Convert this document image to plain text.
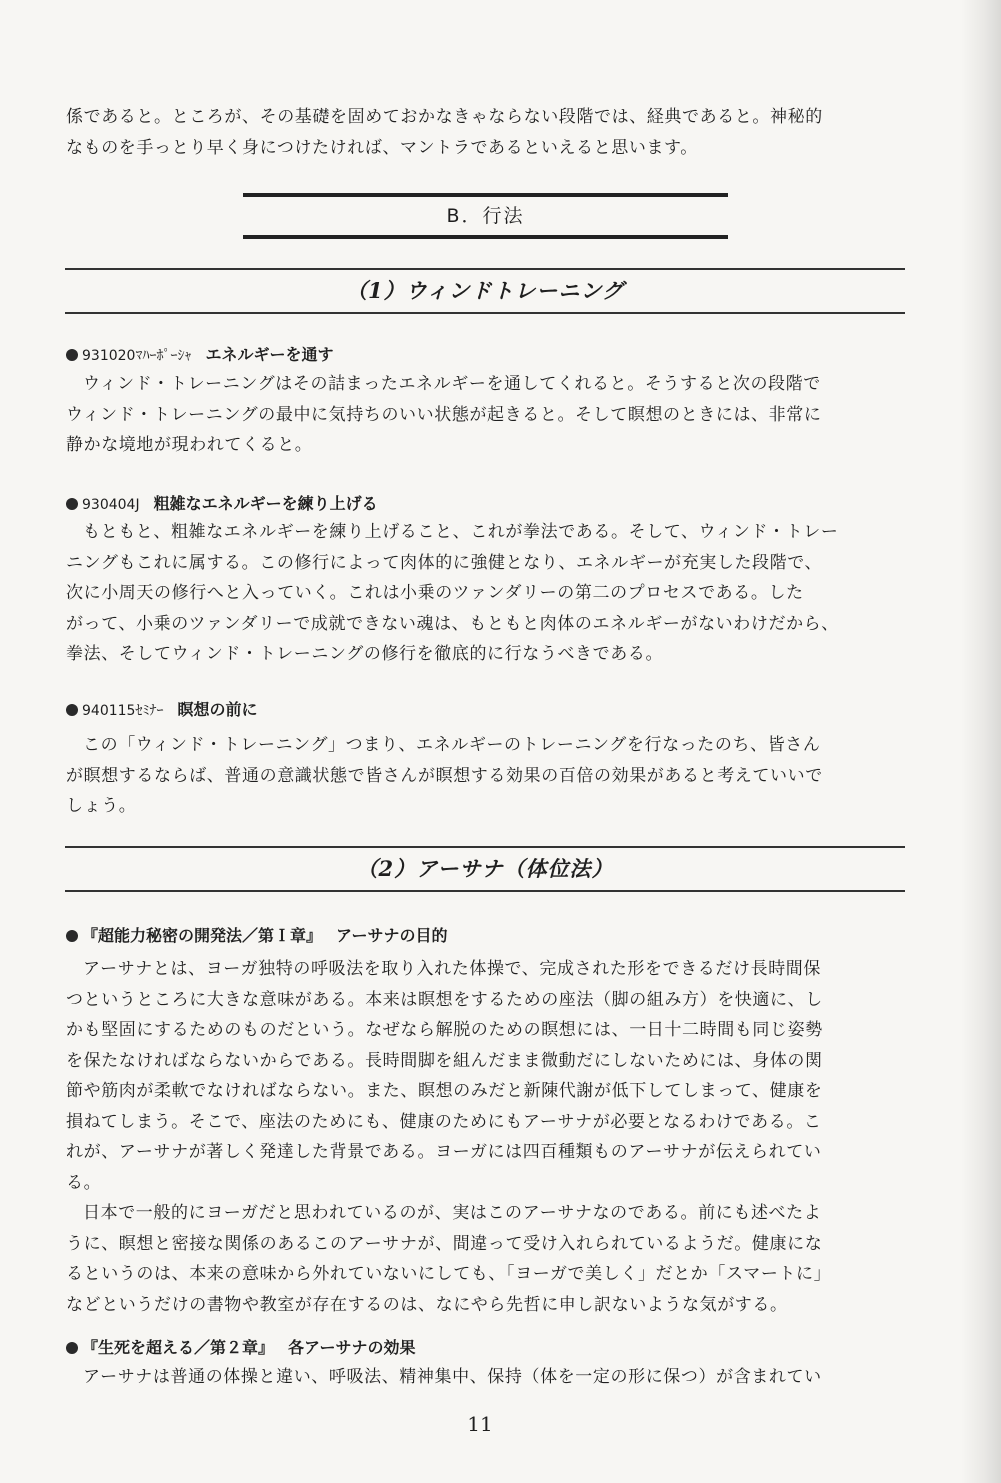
係であると。ところが、その基礎を固めておかなきゃならない段階では、経典であると。神秘的
なものを手っとり早く身につけたければ、マントラであるといえると思います。

B．行法
（1）ウィンドトレーニング
931020ﾏﾊｰﾎﾟｰｼｬ エネルギーを通す

ウィンド・トレーニングはその詰まったエネルギーを通してくれると。そうすると次の段階で
ウィンド・トレーニングの最中に気持ちのいい状態が起きると。そして瞑想のときには、非常に
静かな境地が現われてくると。

930404J 粗雑なエネルギーを練り上げる

もともと、粗雑なエネルギーを練り上げること、これが拳法である。そして、ウィンド・トレー
ニングもこれに属する。この修行によって肉体的に強健となり、エネルギーが充実した段階で、
次に小周天の修行へと入っていく。これは小乗のツァンダリーの第二のプロセスである。した
がって、小乗のツァンダリーで成就できない魂は、もともと肉体のエネルギーがないわけだから、
拳法、そしてウィンド・トレーニングの修行を徹底的に行なうべきである。

940115ｾﾐﾅｰ 瞑想の前に

この「ウィンド・トレーニング」つまり、エネルギーのトレーニングを行なったのち、皆さん
が瞑想するならば、普通の意識状態で皆さんが瞑想する効果の百倍の効果があると考えていいで
しょう。

（2）アーサナ（体位法）
『超能力秘密の開発法／第Ｉ章』 アーサナの目的

アーサナとは、ヨーガ独特の呼吸法を取り入れた体操で、完成された形をできるだけ長時間保
つというところに大きな意味がある。本来は瞑想をするための座法（脚の組み方）を快適に、し
かも堅固にするためのものだという。なぜなら解脱のための瞑想には、一日十二時間も同じ姿勢
を保たなければならないからである。長時間脚を組んだまま微動だにしないためには、身体の関
節や筋肉が柔軟でなければならない。また、瞑想のみだと新陳代謝が低下してしまって、健康を
損ねてしまう。そこで、座法のためにも、健康のためにもアーサナが必要となるわけである。こ
れが、アーサナが著しく発達した背景である。ヨーガには四百種類ものアーサナが伝えられてい
る。
日本で一般的にヨーガだと思われているのが、実はこのアーサナなのである。前にも述べたよ
うに、瞑想と密接な関係のあるこのアーサナが、間違って受け入れられているようだ。健康にな
るというのは、本来の意味から外れていないにしても、「ヨーガで美しく」だとか「スマートに」
などというだけの書物や教室が存在するのは、なにやら先哲に申し訳ないような気がする。

『生死を超える／第２章』 各アーサナの効果

アーサナは普通の体操と違い、呼吸法、精神集中、保持（体を一定の形に保つ）が含まれてい

11
